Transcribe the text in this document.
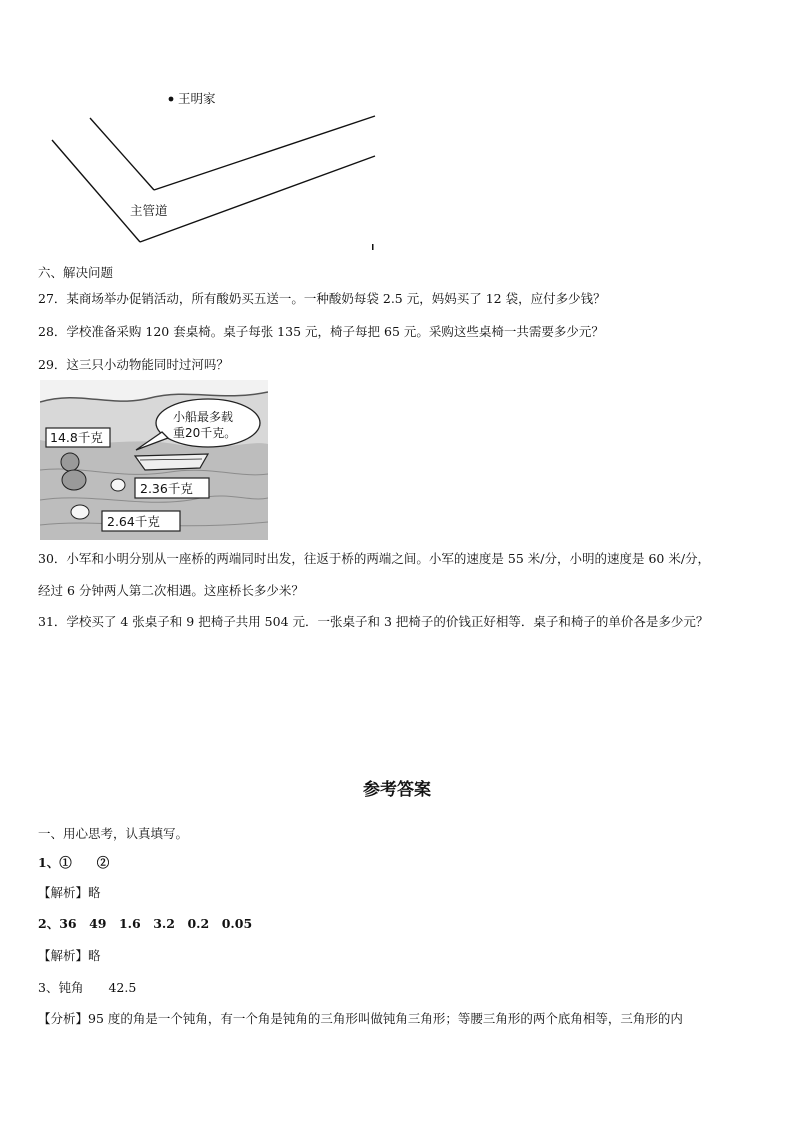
王明家
主管道
六、解决问题
27．某商场举办促销活动，所有酸奶买五送一。一种酸奶每袋 2.5 元，妈妈买了 12 袋，应付多少钱？
28．学校准备采购 120 套桌椅。桌子每张 135 元，椅子每把 65 元。采购这些桌椅一共需要多少元？
29．这三只小动物能同时过河吗？
小船最多载
重20千克。
14.8千克
2.36千克
2.64千克
30．小军和小明分别从一座桥的两端同时出发，往返于桥的两端之间。小军的速度是 55 米/分，小明的速度是 60 米/分，
经过 6 分钟两人第二次相遇。这座桥长多少米？
31．学校买了 4 张桌子和 9 把椅子共用 504 元．一张桌子和 3 把椅子的价钱正好相等．桌子和椅子的单价各是多少元？
参考答案
一、用心思考，认真填写。
1、①　　②
【解析】略
2、36　49　1.6　3.2　0.2　0.05
【解析】略
3、钝角　　42.5
【分析】95 度的角是一个钝角，有一个角是钝角的三角形叫做钝角三角形；等腰三角形的两个底角相等，三角形的内
